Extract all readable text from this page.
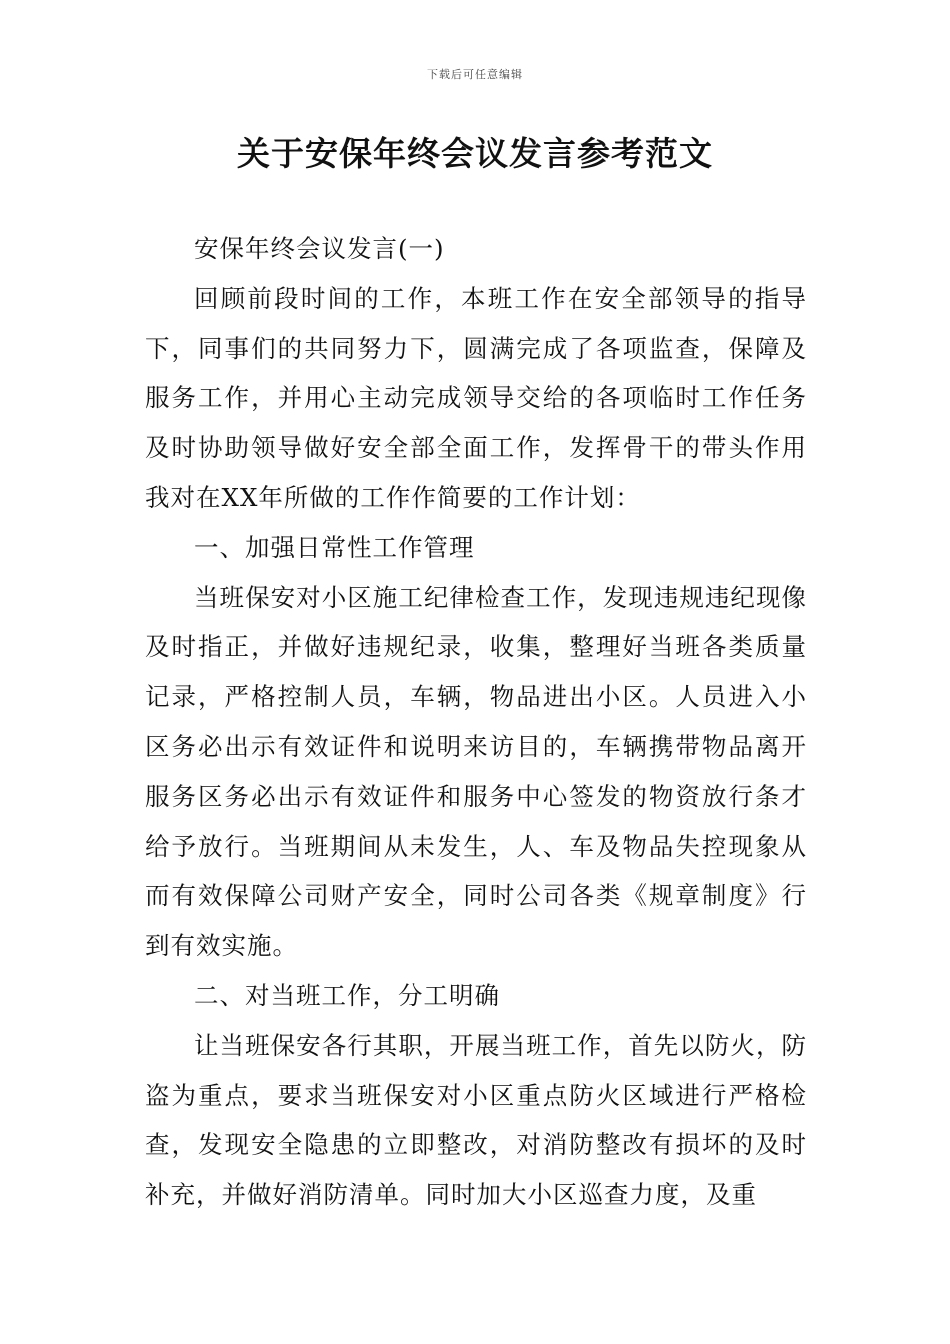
下载后可任意编辑
关于安保年终会议发言参考范文

安保年终会议发言(一)

回顾前段时间的工作，本班工作在安全部领导的指导下，同事们的共同努力下，圆满完成了各项监查，保障及服务工作，并用心主动完成领导交给的各项临时工作任务及时协助领导做好安全部全面工作，发挥骨干的带头作用我对在XX年所做的工作作简要的工作计划：

一、加强日常性工作管理

当班保安对小区施工纪律检查工作，发现违规违纪现像及时指正，并做好违规纪录，收集，整理好当班各类质量记录，严格控制人员，车辆，物品进出小区。人员进入小区务必出示有效证件和说明来访目的，车辆携带物品离开服务区务必出示有效证件和服务中心签发的物资放行条才给予放行。当班期间从未发生，人、车及物品失控现象从而有效保障公司财产安全，同时公司各类《规章制度》行到有效实施。

二、对当班工作，分工明确

让当班保安各行其职，开展当班工作，首先以防火，防盗为重点，要求当班保安对小区重点防火区域进行严格检查，发现安全隐患的立即整改，对消防整改有损坏的及时补充，并做好消防清单。同时加大小区巡查力度，及重
